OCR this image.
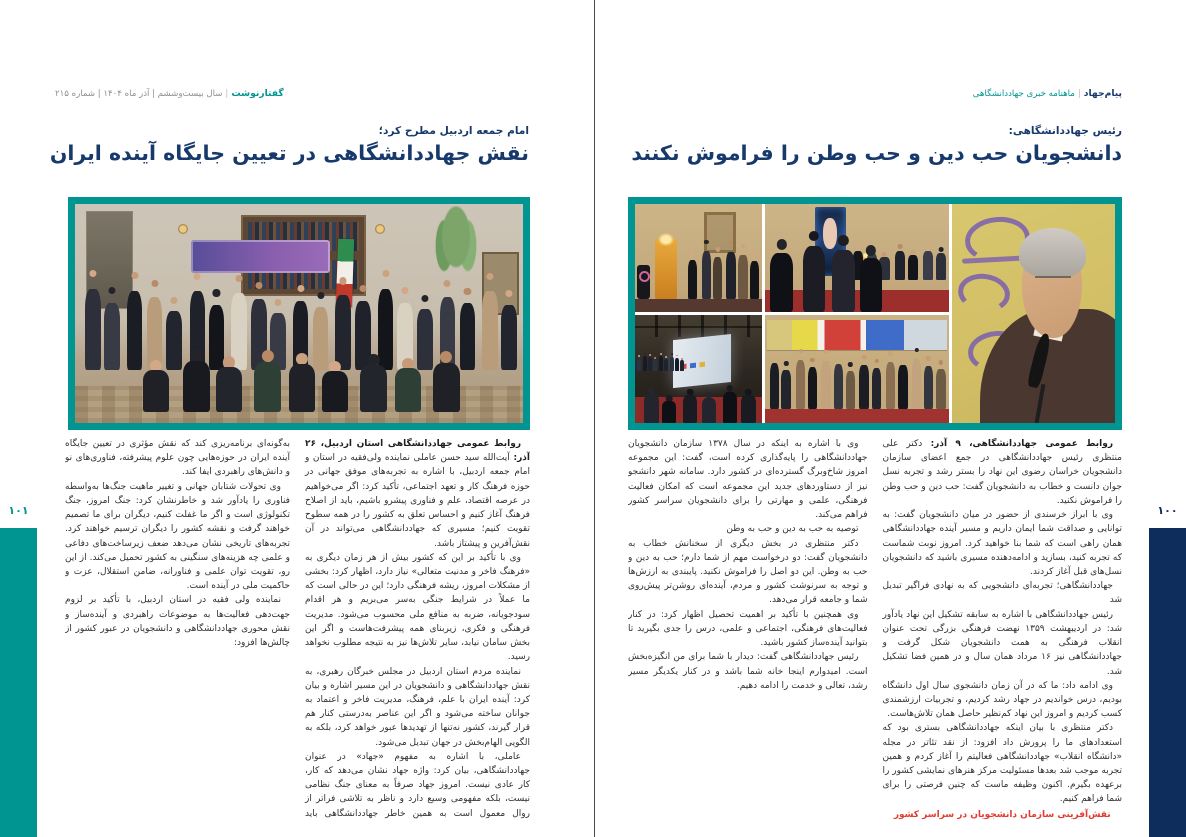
گفتارنوشت|سال بیست‌وششم | آذر ماه ۱۴۰۴ | شماره ۲۱۵
امام جمعه اردبیل مطرح کرد؛
نقش جهاددانشگاهی در تعیین جایگاه آینده ایران

روابط عمومی جهاددانشگاهی استان اردبیل، ۲۶ آذر: آیت‌الله سید حسن عاملی نماینده ولی‌فقیه در استان و امام جمعه اردبیل، با اشاره به تجربه‌های موفق جهانی در حوزه فرهنگ کار و تعهد اجتماعی، تأکید کرد: اگر می‌خواهیم در عرصه اقتصاد، علم و فناوری پیشرو باشیم، باید از اصلاح فرهنگ آغاز کنیم و احساس تعلق به کشور را در همه سطوح تقویت کنیم؛ مسیری که جهاددانشگاهی می‌تواند در آن نقش‌آفرین و پیشتاز باشد.

وی با تأکید بر این که کشور بیش از هر زمان دیگری به «فرهنگ فاخر و مدنیت متعالی» نیاز دارد، اظهار کرد: بخشی از مشکلات امروز، ریشه فرهنگی دارد؛ این در حالی است که ما عملاً در شرایط جنگی به‌سر می‌بریم و هر اقدام سودجویانه، ضربه به منافع ملی محسوب می‌شود. مدیریت فرهنگی و فکری، زیربنای همه پیشرفت‌هاست و اگر این بخش سامان نیابد، سایر تلاش‌ها نیز به نتیجه مطلوب نخواهد رسید.

نماینده مردم استان اردبیل در مجلس خبرگان رهبری، به نقش جهاددانشگاهی و دانشجویان در این مسیر اشاره و بیان کرد: آینده ایران با علم، فرهنگ، مدیریت فاخر و اعتماد به جوانان ساخته می‌شود و اگر این عناصر به‌درستی کنار هم قرار گیرند، کشور نه‌تنها از تهدیدها عبور خواهد کرد، بلکه به الگویی الهام‌بخش در جهان تبدیل می‌شود.

عاملی، با اشاره به مفهوم «جهاد» در عنوان جهاددانشگاهی، بیان کرد: واژه جهاد نشان می‌دهد که کار، کار عادی نیست. امروز جهاد صرفاً به معنای جنگ نظامی نیست، بلکه مفهومی وسیع دارد و ناظر به تلاشی فراتر از روال معمول است به همین خاطر جهاددانشگاهی باید به‌گونه‌ای برنامه‌ریزی کند که نقش مؤثری در تعیین جایگاه آینده ایران در حوزه‌هایی چون علوم پیشرفته، فناوری‌های نو و دانش‌های راهبردی ایفا کند.

وی تحولات شتابان جهانی و تغییر ماهیت جنگ‌ها به‌واسطه فناوری را یادآور شد و خاطرنشان کرد: جنگ امروز، جنگ تکنولوژی است و اگر ما غفلت کنیم، دیگران برای ما تصمیم خواهند گرفت و نقشه کشور را دیگران ترسیم خواهند کرد. تجربه‌های تاریخی نشان می‌دهد ضعف زیرساخت‌های دفاعی و علمی چه هزینه‌های سنگینی به کشور تحمیل می‌کند. از این رو، تقویت توان علمی و فناورانه، ضامن استقلال، عزت و حاکمیت ملی در آینده است.

نماینده ولی فقیه در استان اردبیل، با تأکید بر لزوم جهت‌دهی فعالیت‌ها به موضوعات راهبردی و آینده‌ساز و نقش محوری جهاددانشگاهی و دانشجویان در عبور کشور از چالش‌ها افزود:

پیام‌جهاد|ماهنامه خبری جهاددانشگاهی
رئیس جهاددانشگاهی:
دانشجویان حب دین و حب وطن را فراموش نکنند

روابط عمومی جهاددانشگاهی، ۹ آذر: دکتر علی منتظری رئیس جهاددانشگاهی در جمع اعضای سازمان دانشجویان خراسان رضوی این نهاد را بستر رشد و تجربه نسل جوان دانست و خطاب به دانشجویان گفت: حب دین و حب وطن را فراموش نکنید.

وی با ابراز خرسندی از حضور در میان دانشجویان گفت: به توانایی و صداقت شما ایمان داریم و مسیر آینده جهاددانشگاهی همان راهی است که شما بنا خواهید کرد. امروز نوبت شماست که تجربه کنید، بسازید و ادامه‌دهنده مسیری باشید که دانشجویان نسل‌های قبل آغاز کردند.

جهاددانشگاهی؛ تجربه‌ای دانشجویی که به نهادی فراگیر تبدیل شد

رئیس جهاددانشگاهی با اشاره به سابقه تشکیل این نهاد یادآور شد: در اردیبهشت ۱۳۵۹ نهضت فرهنگی بزرگی تحت عنوان انقلاب فرهنگی به همت دانشجویان شکل گرفت و جهاددانشگاهی نیز ۱۶ مرداد همان سال و در همین فضا تشکیل شد.

وی ادامه داد: ما که در آن زمان دانشجوی سال اول دانشگاه بودیم، درس خواندیم در جهاد رشد کردیم، و تجربیات ارزشمندی کسب کردیم و امروز این نهاد کم‌نظیر حاصل همان تلاش‌هاست.

دکتر منتظری با بیان اینکه جهاددانشگاهی بستری بود که استعدادهای ما را پرورش داد افزود: از نقد تئاتر در مجله «دانشگاه انقلاب» جهاددانشگاهی فعالیتم را آغاز کردم و همین تجربه موجب شد بعدها مسئولیت مرکز هنرهای نمایشی کشور را برعهده بگیرم. اکنون وظیفه ماست که چنین فرصتی را برای شما فراهم کنیم.

نقش‌آفرینی سازمان دانشجویان در سراسر کشور

وی با اشاره به اینکه در سال ۱۳۷۸ سازمان دانشجویان جهاددانشگاهی را پایه‌گذاری کرده است، گفت: این مجموعه امروز شاخ‌وبرگ گسترده‌ای در کشور دارد. سامانه شهر دانشجو نیز از دستاوردهای جدید این مجموعه است که امکان فعالیت فرهنگی، علمی و مهارتی را برای دانشجویان سراسر کشور فراهم می‌کند.

توصیه به حب به دین و حب به وطن

دکتر منتظری در بخش دیگری از سخنانش خطاب به دانشجویان گفت: دو درخواست مهم از شما دارم؛ حب به دین و حب به وطن. این دو اصل را فراموش نکنید. پایبندی به ارزش‌ها و توجه به سرنوشت کشور و مردم، آینده‌ای روشن‌تر پیش‌روی شما و جامعه قرار می‌دهد.

وی همچنین با تأکید بر اهمیت تحصیل اظهار کرد: در کنار فعالیت‌های فرهنگی، اجتماعی و علمی، درس را جدی بگیرید تا بتوانید آینده‌ساز کشور باشید.

رئیس جهاددانشگاهی گفت: دیدار با شما برای من انگیزه‌بخش است. امیدوارم اینجا خانه شما باشد و در کنار یکدیگر مسیر رشد، تعالی و خدمت را ادامه دهیم.

۱۰۱	۱۰۰
